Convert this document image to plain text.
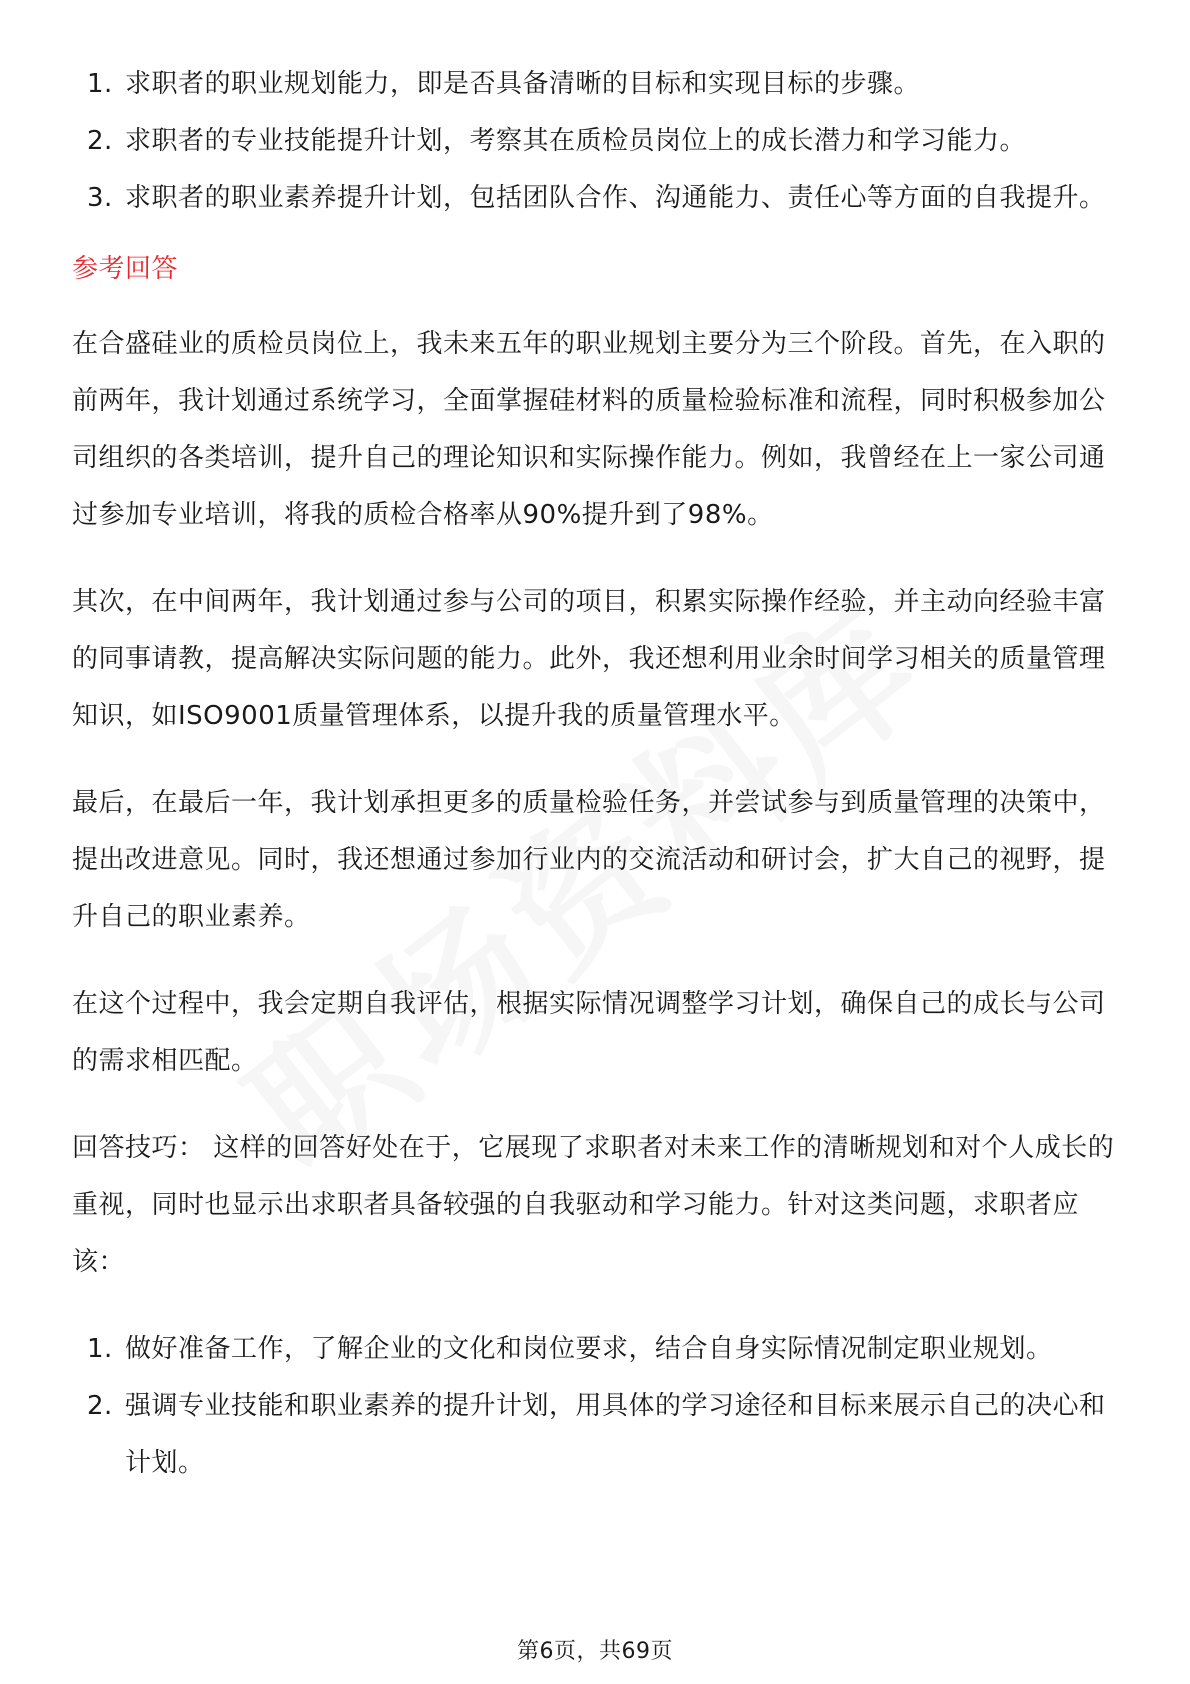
1. 求职者的职业规划能力，即是否具备清晰的目标和实现目标的步骤。
2. 求职者的专业技能提升计划，考察其在质检员岗位上的成长潜力和学习能力。
3. 求职者的职业素养提升计划，包括团队合作、沟通能力、责任心等方面的自我提升。
参考回答

在合盛硅业的质检员岗位上，我未来五年的职业规划主要分为三个阶段。首先，在入职的前两年，我计划通过系统学习，全面掌握硅材料的质量检验标准和流程，同时积极参加公司组织的各类培训，提升自己的理论知识和实际操作能力。例如，我曾经在上一家公司通过参加专业培训，将我的质检合格率从90%提升到了98%。

其次，在中间两年，我计划通过参与公司的项目，积累实际操作经验，并主动向经验丰富的同事请教，提高解决实际问题的能力。此外，我还想利用业余时间学习相关的质量管理知识，如ISO9001质量管理体系，以提升我的质量管理水平。

最后，在最后一年，我计划承担更多的质量检验任务，并尝试参与到质量管理的决策中，提出改进意见。同时，我还想通过参加行业内的交流活动和研讨会，扩大自己的视野，提升自己的职业素养。

在这个过程中，我会定期自我评估，根据实际情况调整学习计划，确保自己的成长与公司的需求相匹配。

回答技巧： 这样的回答好处在于，它展现了求职者对未来工作的清晰规划和对个人成长的重视，同时也显示出求职者具备较强的自我驱动和学习能力。针对这类问题，求职者应该：

1. 做好准备工作，了解企业的文化和岗位要求，结合自身实际情况制定职业规划。
2. 强调专业技能和职业素养的提升计划，用具体的学习途径和目标来展示自己的决心和计划。
第6页，共69页
